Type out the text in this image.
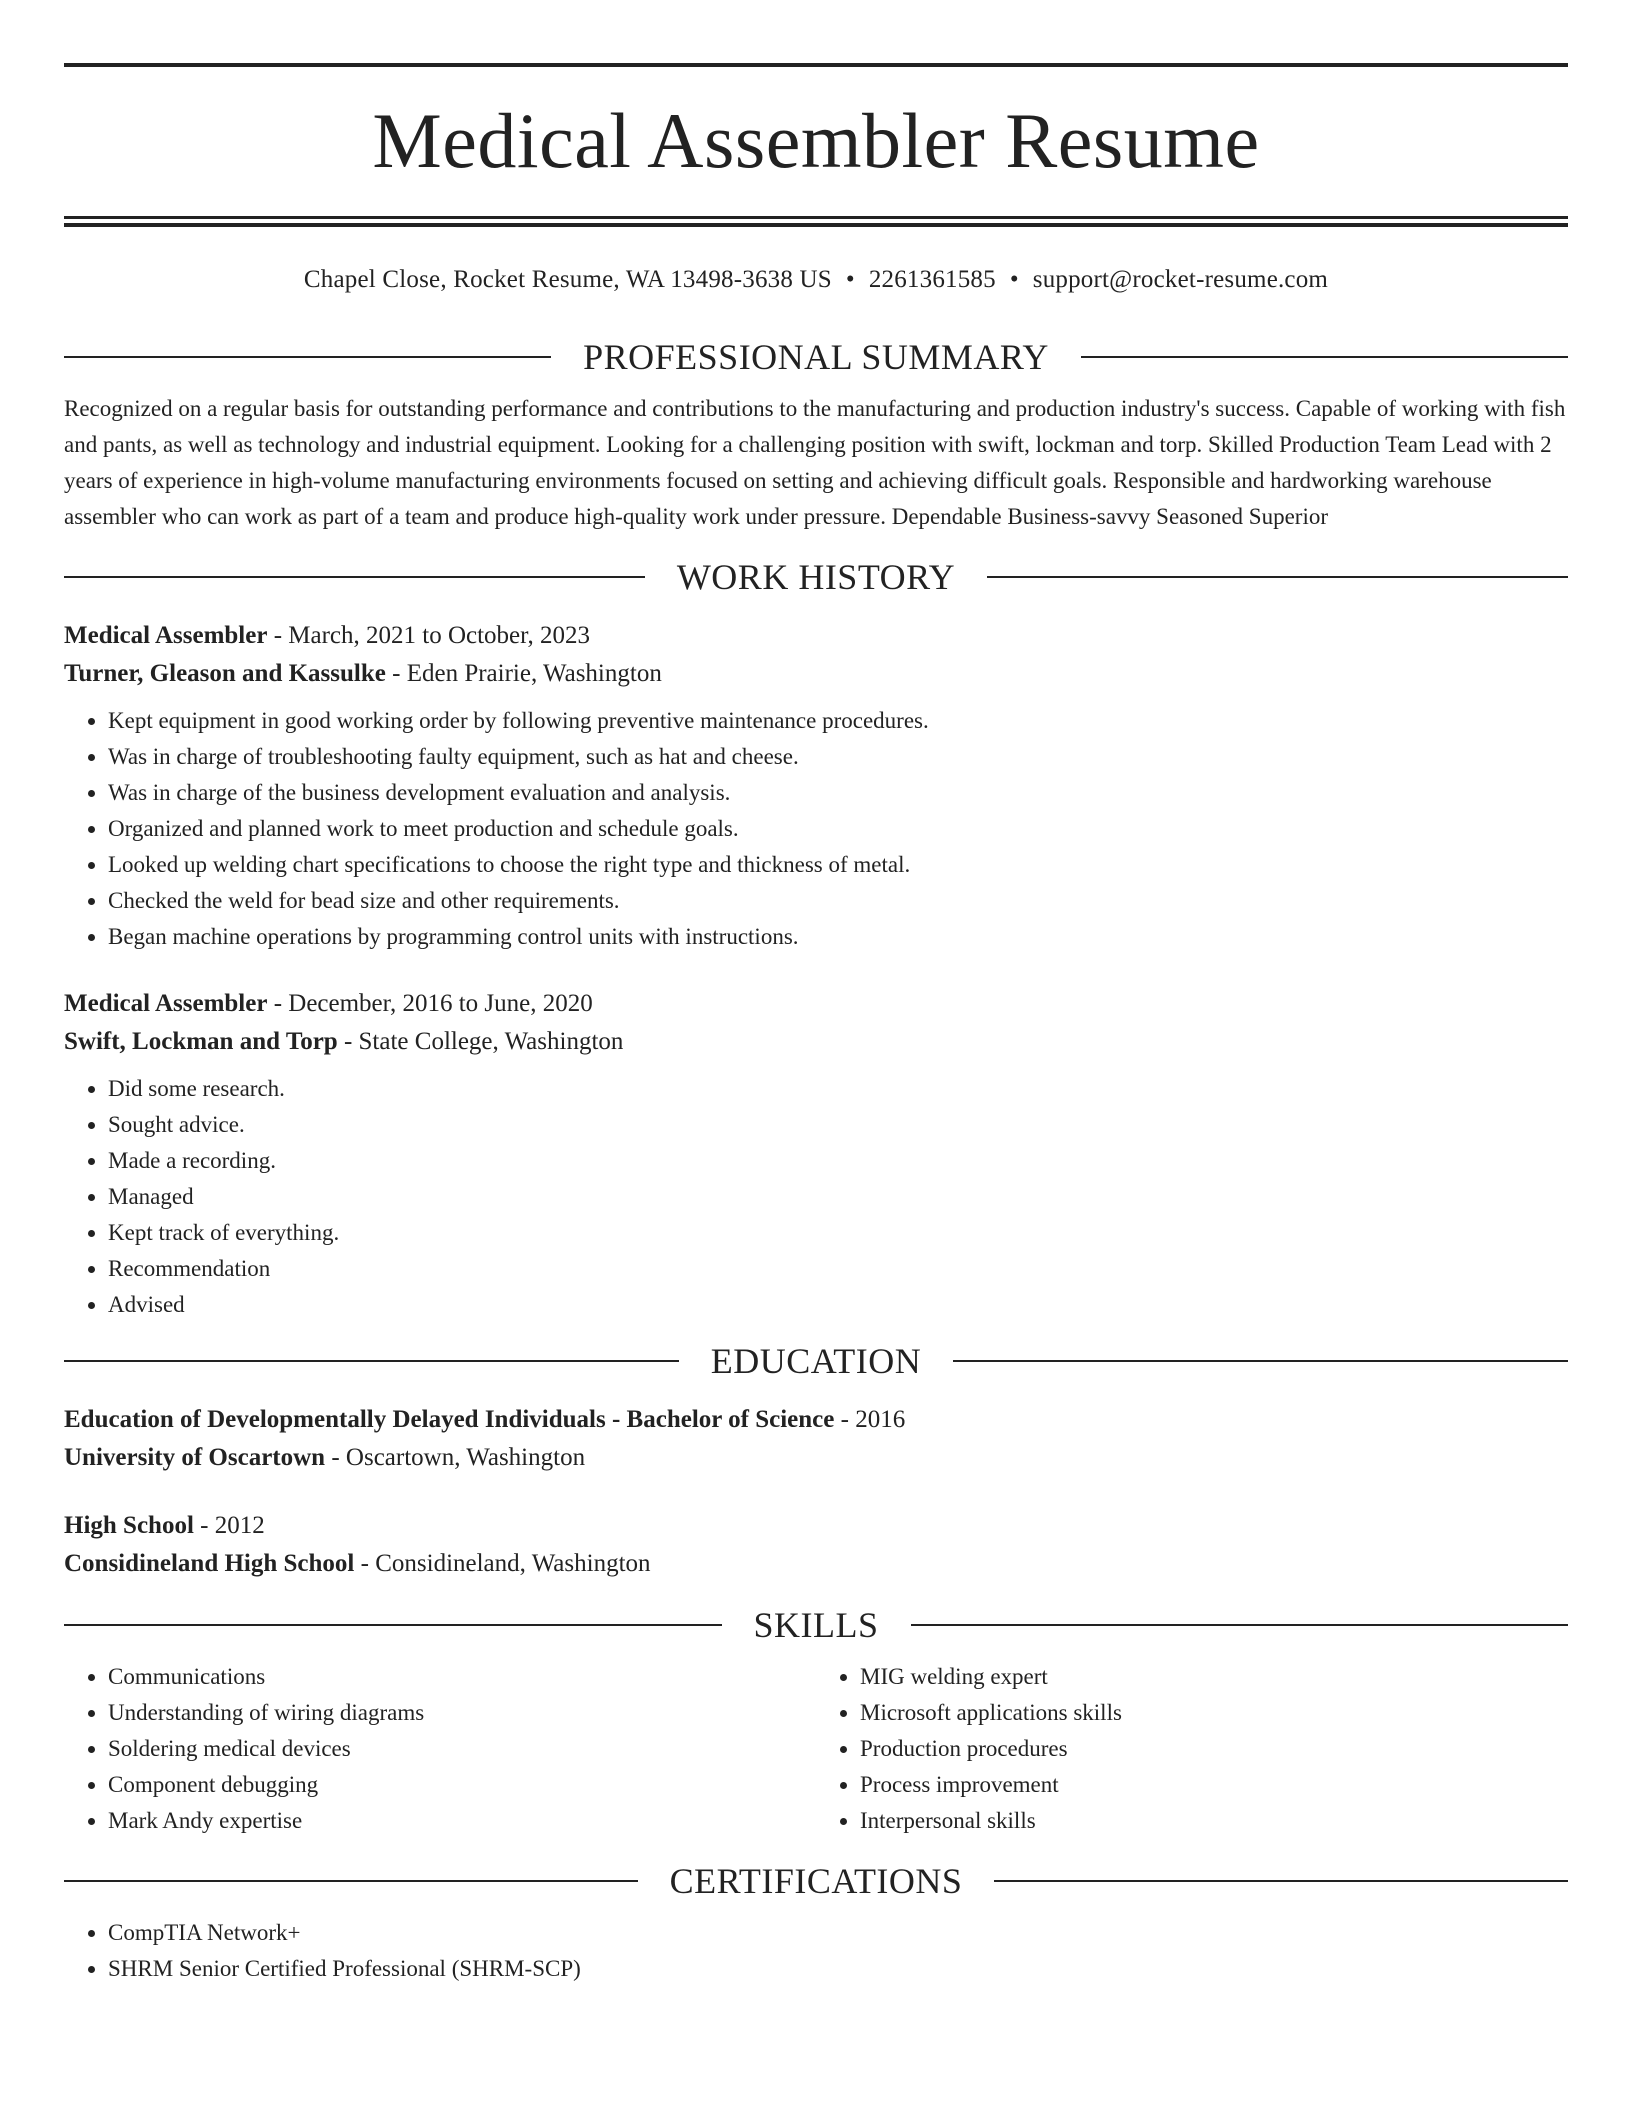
Medical Assembler Resume
Chapel Close, Rocket Resume, WA 13498-3638 US • 2261361585 • support@rocket-resume.com
PROFESSIONAL SUMMARY
Recognized on a regular basis for outstanding performance and contributions to the manufacturing and production industry's success. Capable of working with fish and pants, as well as technology and industrial equipment. Looking for a challenging position with swift, lockman and torp. Skilled Production Team Lead with 2 years of experience in high-volume manufacturing environments focused on setting and achieving difficult goals. Responsible and hardworking warehouse assembler who can work as part of a team and produce high-quality work under pressure. Dependable Business-savvy Seasoned Superior
WORK HISTORY
Medical Assembler - March, 2021 to October, 2023
Turner, Gleason and Kassulke - Eden Prairie, Washington
• Kept equipment in good working order by following preventive maintenance procedures.
• Was in charge of troubleshooting faulty equipment, such as hat and cheese.
• Was in charge of the business development evaluation and analysis.
• Organized and planned work to meet production and schedule goals.
• Looked up welding chart specifications to choose the right type and thickness of metal.
• Checked the weld for bead size and other requirements.
• Began machine operations by programming control units with instructions.
Medical Assembler - December, 2016 to June, 2020
Swift, Lockman and Torp - State College, Washington
• Did some research.
• Sought advice.
• Made a recording.
• Managed
• Kept track of everything.
• Recommendation
• Advised
EDUCATION
Education of Developmentally Delayed Individuals - Bachelor of Science - 2016
University of Oscartown - Oscartown, Washington
High School - 2012
Considineland High School - Considineland, Washington
SKILLS
• Communications
• Understanding of wiring diagrams
• Soldering medical devices
• Component debugging
• Mark Andy expertise
• MIG welding expert
• Microsoft applications skills
• Production procedures
• Process improvement
• Interpersonal skills
CERTIFICATIONS
• CompTIA Network+
• SHRM Senior Certified Professional (SHRM-SCP)
